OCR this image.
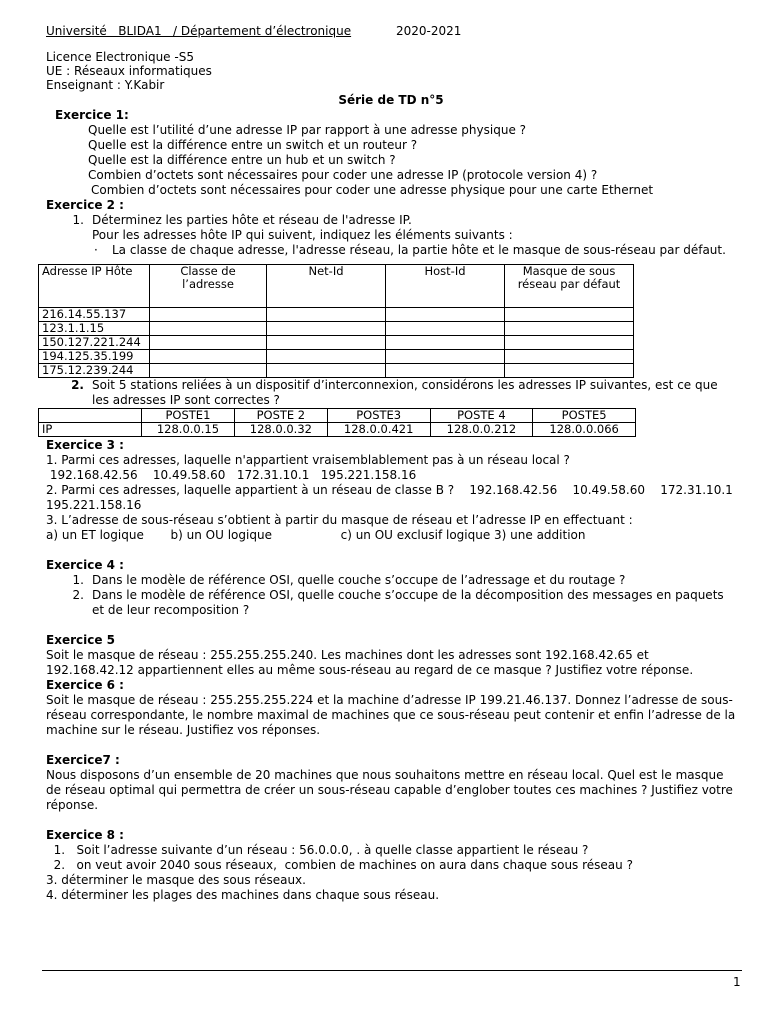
Université   BLIDA1   / Département d’électronique	2020-2021
Licence Electronique -S5
UE : Réseaux informatiques
Enseignant : Y.Kabir
Série de TD n°5
Exercice 1:
Quelle est l’utilité d’une adresse IP par rapport à une adresse physique ?
Quelle est la différence entre un switch et un routeur ?
Quelle est la différence entre un hub et un switch ?
Combien d’octets sont nécessaires pour coder une adresse IP (protocole version 4) ?
Combien d’octets sont nécessaires pour coder une adresse physique pour une carte Ethernet
Exercice 2 :
1. Déterminez les parties hôte et réseau de l'adresse IP.
Pour les adresses hôte IP qui suivent, indiquez les éléments suivants :
·	La classe de chaque adresse, l'adresse réseau, la partie hôte et le masque de sous-réseau par défaut.
Adresse IP Hôte	Classe de l’adresse	Net-Id	Host-Id	Masque de sous réseau par défaut
216.14.55.137				
123.1.1.15				
150.127.221.244				
194.125.35.199				
175.12.239.244				
2. Soit 5 stations reliées à un dispositif d’interconnexion, considérons les adresses IP suivantes, est ce que les adresses IP sont correctes ?
	POSTE1	POSTE 2	POSTE3	POSTE 4	POSTE5
IP	128.0.0.15	128.0.0.32	128.0.0.421	128.0.0.212	128.0.0.066
Exercice 3 :

1. Parmi ces adresses, laquelle n'appartient vraisemblablement pas à un réseau local ?

192.168.42.56    10.49.58.60   172.31.10.1   195.221.158.16

2. Parmi ces adresses, laquelle appartient à un réseau de classe B ?    192.168.42.56    10.49.58.60    172.31.10.1 195.221.158.16

3. L’adresse de sous-réseau s’obtient à partir du masque de réseau et l’adresse IP en effectuant :

a) un ET logique       b) un OU logique                  c) un OU exclusif logique 3) une addition

Exercice 4 :
1. Dans le modèle de référence OSI, quelle couche s’occupe de l’adressage et du routage ?
2. Dans le modèle de référence OSI, quelle couche s’occupe de la décomposition des messages en paquets et de leur recomposition ?
Exercice 5

Soit le masque de réseau : 255.255.255.240. Les machines dont les adresses sont 192.168.42.65 et 192.168.42.12 appartiennent elles au même sous-réseau au regard de ce masque ? Justifiez votre réponse.

Exercice 6 :

Soit le masque de réseau : 255.255.255.224 et la machine d’adresse IP 199.21.46.137. Donnez l’adresse de sous-réseau correspondante, le nombre maximal de machines que ce sous-réseau peut contenir et enfin l’adresse de la machine sur le réseau. Justifiez vos réponses.

Exercice7 :

Nous disposons d’un ensemble de 20 machines que nous souhaitons mettre en réseau local. Quel est le masque de réseau optimal qui permettra de créer un sous-réseau capable d’englober toutes ces machines ? Justifiez votre réponse.

Exercice 8 :

1.   Soit l’adresse suivante d’un réseau : 56.0.0.0, . à quelle classe appartient le réseau ?

2.   on veut avoir 2040 sous réseaux,  combien de machines on aura dans chaque sous réseau ?

3. déterminer le masque des sous réseaux.

4. déterminer les plages des machines dans chaque sous réseau.

1
